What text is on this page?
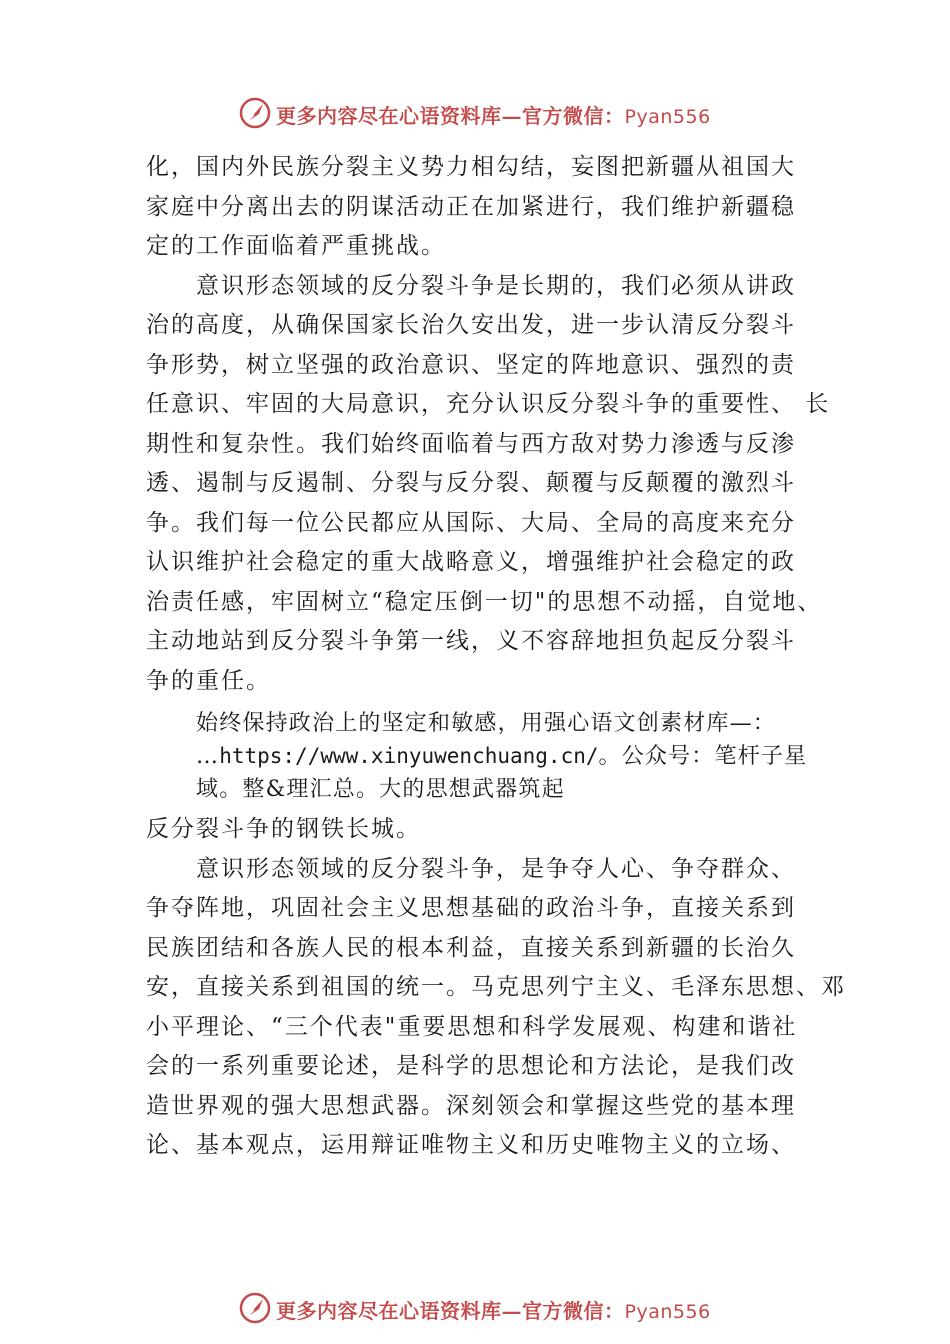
更多内容尽在心语资料库—官方微信：Pyan556
化，国内外民族分裂主义势力相勾结，妄图把新疆从祖国大
家庭中分离出去的阴谋活动正在加紧进行，我们维护新疆稳
定的工作面临着严重挑战。
意识形态领域的反分裂斗争是长期的，我们必须从讲政
治的高度，从确保国家长治久安出发，进一步认清反分裂斗
争形势，树立坚强的政治意识、坚定的阵地意识、强烈的责
任意识、牢固的大局意识，充分认识反分裂斗争的重要性、 长
期性和复杂性。我们始终面临着与西方敌对势力渗透与反渗
透、遏制与反遏制、分裂与反分裂、颠覆与反颠覆的激烈斗
争。我们每一位公民都应从国际、大局、全局的高度来充分
认识维护社会稳定的重大战略意义，增强维护社会稳定的政
治责任感，牢固树立“稳定压倒一切"的思想不动摇，自觉地、
主动地站到反分裂斗争第一线，义不容辞地担负起反分裂斗
争的重任。
始终保持政治上的坚定和敏感，用强心语文创素材库—：
…https://www.xinyuwenchuang.cn/。公众号：笔杆子星
域。整&理汇总。大的思想武器筑起
反分裂斗争的钢铁长城。
意识形态领域的反分裂斗争，是争夺人心、争夺群众、
争夺阵地，巩固社会主义思想基础的政治斗争，直接关系到
民族团结和各族人民的根本利益，直接关系到新疆的长治久
安，直接关系到祖国的统一。马克思列宁主义、毛泽东思想、邓
小平理论、“三个代表"重要思想和科学发展观、构建和谐社
会的一系列重要论述，是科学的思想论和方法论，是我们改
造世界观的强大思想武器。深刻领会和掌握这些党的基本理
论、基本观点，运用辩证唯物主义和历史唯物主义的立场、
更多内容尽在心语资料库—官方微信：Pyan556
